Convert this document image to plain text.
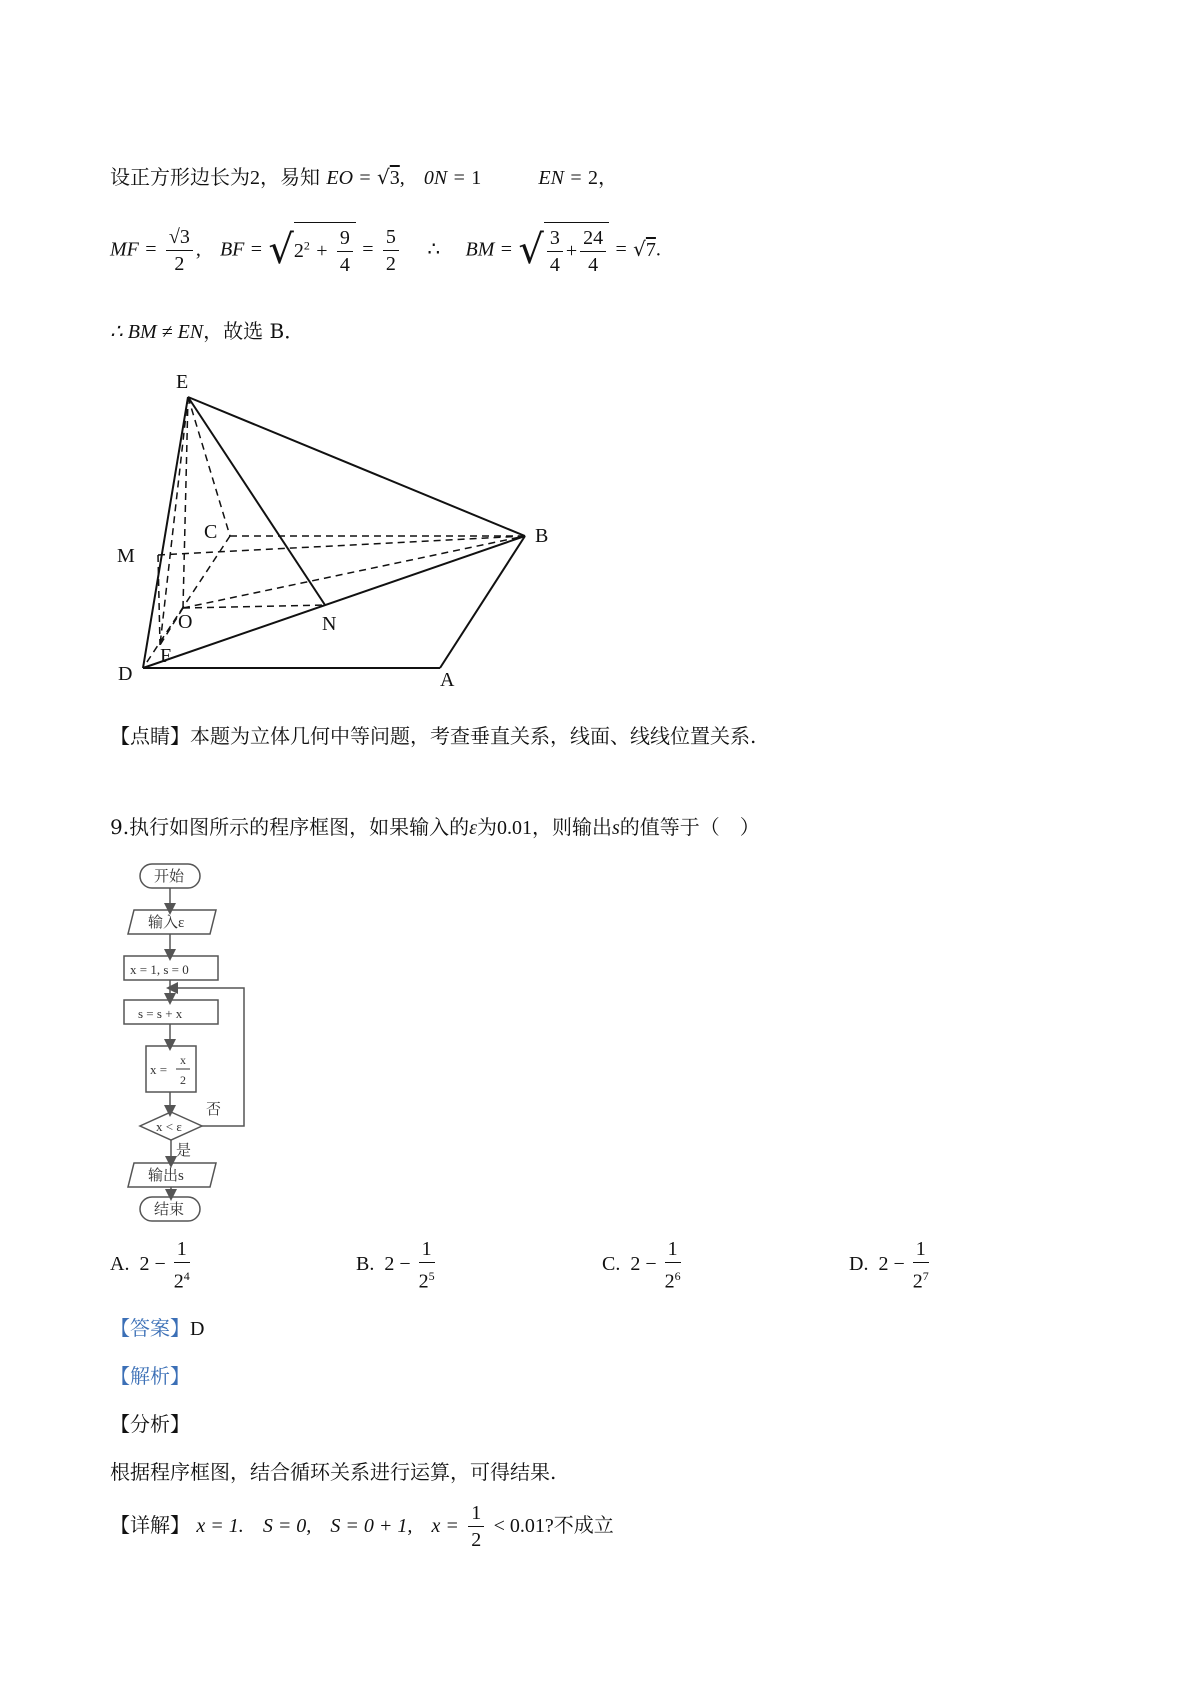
设正方形边长为2，易知 EO = √3, 0N = 1	EN = 2，
MF = $\frac{√3}{2}$ , BF = $√2^2 + \frac{9}{4} = \frac{5}{2}$ ∴ BM = √ $\frac{3}{4} + \frac{24}{4} = √7$.
∴ BM ≠ EN，故选 B．
E
C	B
M
O	N
F
D	A
【点睛】本题为立体几何中等问题，考查垂直关系，线面、线线位置关系.
9.执行如图所示的程序框图，如果输入的ε为0.01，则输出s的值等于（　）
开始
输入ε
x = 1, s = 0
s = s + x
x =
x
2
x < ε
否
是
输出s
结束
A. $2 - \frac{1}{2^4}$	B. $2 - \frac{1}{2^5}$	C. $2 - \frac{1}{2^6}$	D. $2 - \frac{1}{2^7}$
【答案】D
【解析】
【分析】
根据程序框图，结合循环关系进行运算，可得结果.
【详解】 x = 1. S = 0, S = 0 + 1, $x = \frac{1}{2} < 0.01$?不成立
